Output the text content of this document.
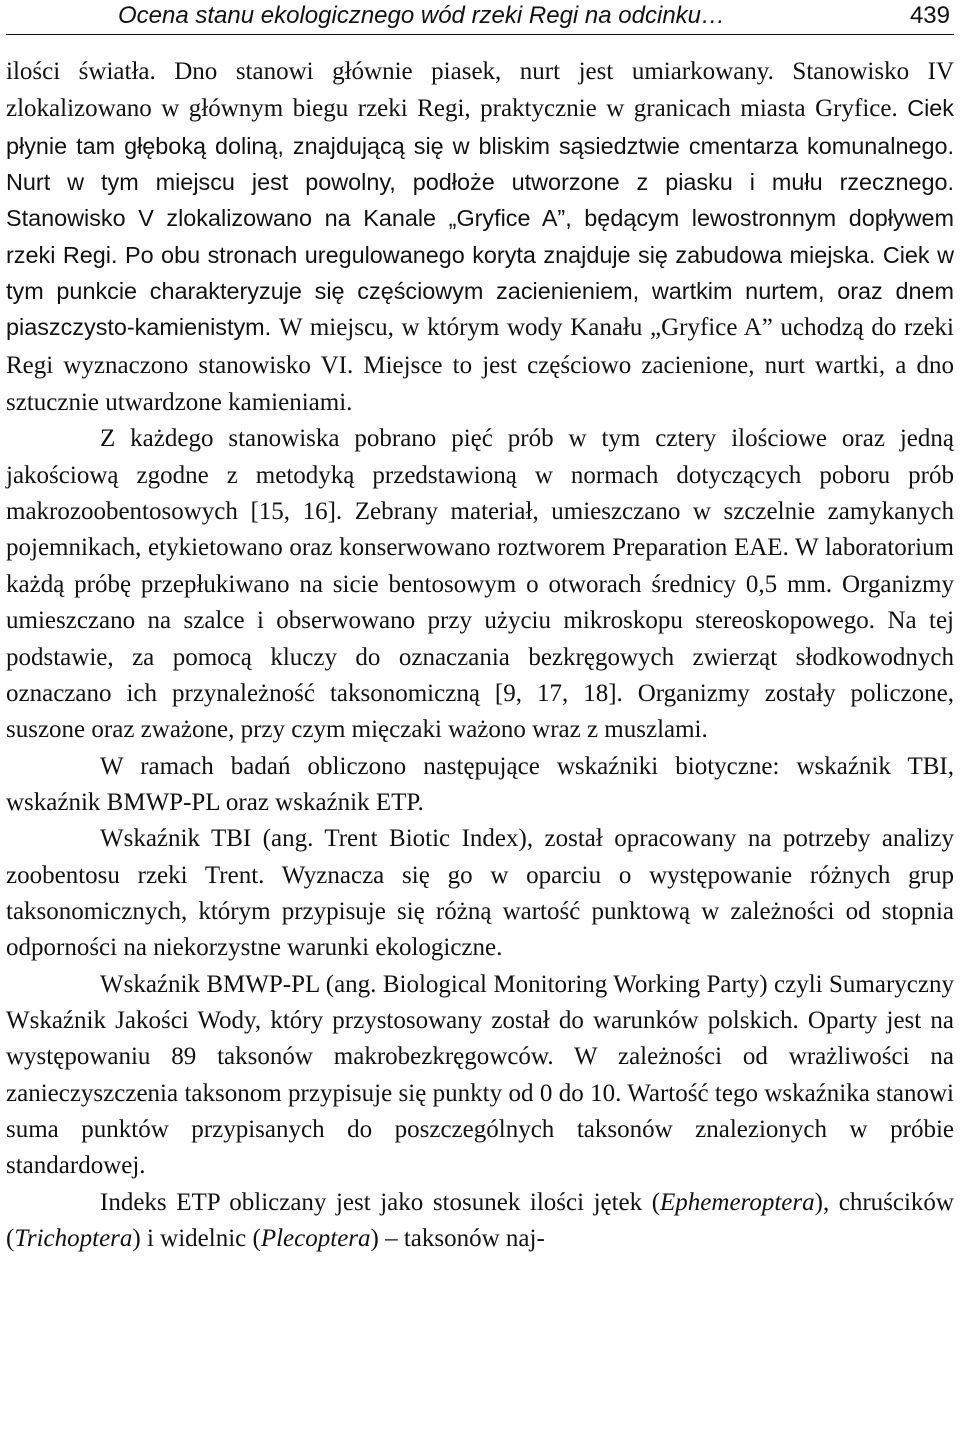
Ocena stanu ekologicznego wód rzeki Regi na odcinku…	439

ilości światła. Dno stanowi głównie piasek, nurt jest umiarkowany. Stanowisko IV zlokalizowano w głównym biegu rzeki Regi, praktycznie w granicach miasta Gryfice. Ciek płynie tam głęboką doliną, znajdującą się w bliskim sąsiedztwie cmentarza komunalnego. Nurt w tym miejscu jest powolny, podłoże utworzone z piasku i mułu rzecznego. Stanowisko V zlokalizowano na Kanale „Gryfice A”, będącym lewostronnym dopływem rzeki Regi. Po obu stronach uregulowanego koryta znajduje się zabudowa miejska. Ciek w tym punkcie charakteryzuje się częściowym zacienieniem, wartkim nurtem, oraz dnem piaszczysto-kamienistym. W miejscu, w którym wody Kanału „Gryfice A” uchodzą do rzeki Regi wyznaczono stanowisko VI. Miejsce to jest częściowo zacienione, nurt wartki, a dno sztucznie utwardzone kamieniami.

Z każdego stanowiska pobrano pięć prób w tym cztery ilościowe oraz jedną jakościową zgodne z metodyką przedstawioną w normach dotyczących poboru prób makrozoobentosowych [15, 16]. Zebrany materiał, umieszczano w szczelnie zamykanych pojemnikach, etykietowano oraz konserwowano roztworem Preparation EAE. W laboratorium każdą próbę przepłukiwano na sicie bentosowym o otworach średnicy 0,5 mm. Organizmy umieszczano na szalce i obserwowano przy użyciu mikroskopu stereoskopowego. Na tej podstawie, za pomocą kluczy do oznaczania bezkręgowych zwierząt słodkowodnych oznaczano ich przynależność taksonomiczną [9, 17, 18]. Organizmy zostały policzone, suszone oraz zważone, przy czym mięczaki ważono wraz z muszlami.

W ramach badań obliczono następujące wskaźniki biotyczne: wskaźnik TBI, wskaźnik BMWP-PL oraz wskaźnik ETP.

Wskaźnik TBI (ang. Trent Biotic Index), został opracowany na potrzeby analizy zoobentosu rzeki Trent. Wyznacza się go w oparciu o występowanie różnych grup taksonomicznych, którym przypisuje się różną wartość punktową w zależności od stopnia odporności na niekorzystne warunki ekologiczne.

Wskaźnik BMWP-PL (ang. Biological Monitoring Working Party) czyli Sumaryczny Wskaźnik Jakości Wody, który przystosowany został do warunków polskich. Oparty jest na występowaniu 89 taksonów makrobezkręgowców. W zależności od wrażliwości na zanieczyszczenia taksonom przypisuje się punkty od 0 do 10. Wartość tego wskaźnika stanowi suma punktów przypisanych do poszczególnych taksonów znalezionych w próbie standardowej.

Indeks ETP obliczany jest jako stosunek ilości jętek (Ephemeroptera), chruścików (Trichoptera) i widelnic (Plecoptera) – taksonów naj-
